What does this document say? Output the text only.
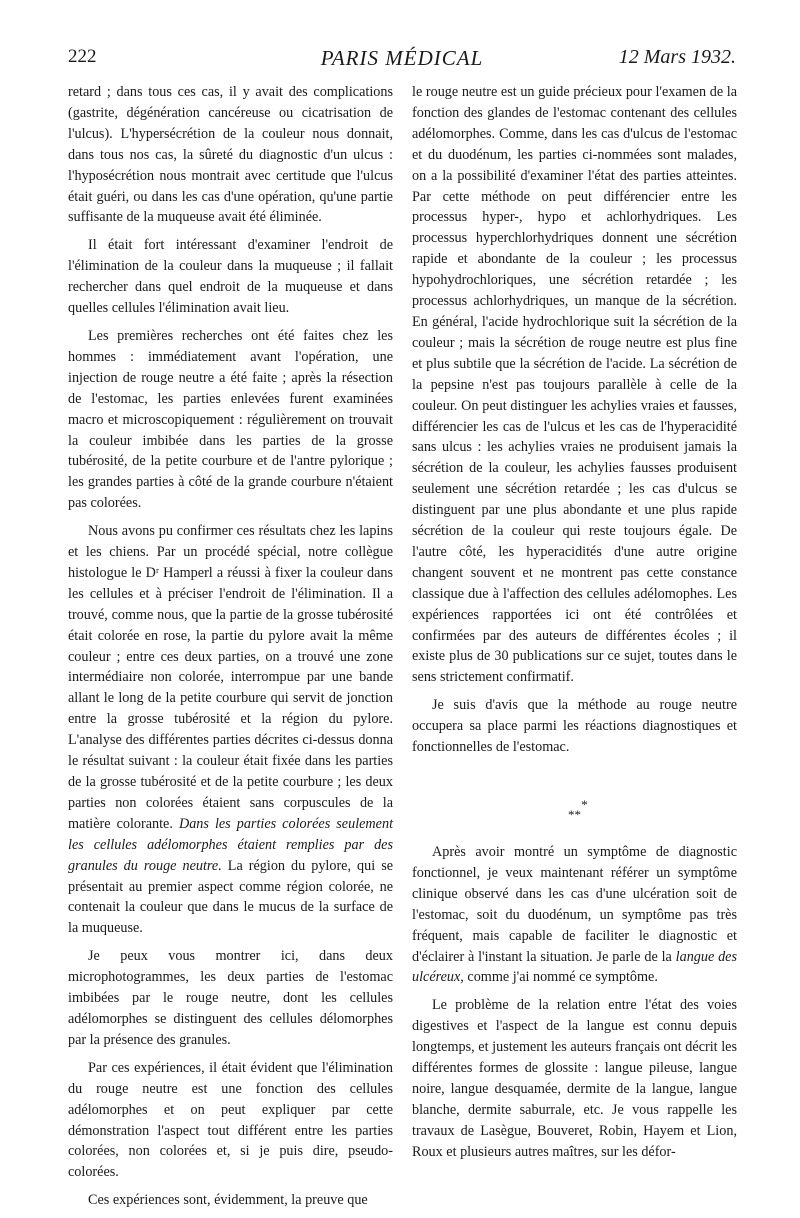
222	PARIS MÉDICAL	12 Mars 1932.

retard ; dans tous ces cas, il y avait des complications (gastrite, dégénération cancéreuse ou cicatrisation de l'ulcus). L'hypersécrétion de la couleur nous donnait, dans tous nos cas, la sûreté du diagnostic d'un ulcus : l'hyposécrétion nous montrait avec certitude que l'ulcus était guéri, ou dans les cas d'une opération, qu'une partie suffisante de la muqueuse avait été éliminée.

Il était fort intéressant d'examiner l'endroit de l'élimination de la couleur dans la muqueuse ; il fallait rechercher dans quel endroit de la muqueuse et dans quelles cellules l'élimination avait lieu.

Les premières recherches ont été faites chez les hommes : immédiatement avant l'opération, une injection de rouge neutre a été faite ; après la résection de l'estomac, les parties enlevées furent examinées macro et microscopiquement : régulièrement on trouvait la couleur imbibée dans les parties de la grosse tubérosité, de la petite courbure et de l'antre pylorique ; les grandes parties à côté de la grande courbure n'étaient pas colorées.

Nous avons pu confirmer ces résultats chez les lapins et les chiens. Par un procédé spécial, notre collègue histologue le Dʳ Hamperl a réussi à fixer la couleur dans les cellules et à préciser l'endroit de l'élimination. Il a trouvé, comme nous, que la partie de la grosse tubérosité était colorée en rose, la partie du pylore avait la même couleur ; entre ces deux parties, on a trouvé une zone intermédiaire non colorée, interrompue par une bande allant le long de la petite courbure qui servit de jonction entre la grosse tubérosité et la région du pylore. L'analyse des différentes parties décrites ci-dessus donna le résultat suivant : la couleur était fixée dans les parties de la grosse tubérosité et de la petite courbure ; les deux parties non colorées étaient sans corpuscules de la matière colorante. Dans les parties colorées seulement les cellules adélomorphes étaient remplies par des granules du rouge neutre. La région du pylore, qui se présentait au premier aspect comme région colorée, ne contenait la couleur que dans le mucus de la surface de la muqueuse.

Je peux vous montrer ici, dans deux microphotogrammes, les deux parties de l'estomac imbibées par le rouge neutre, dont les cellules adélomorphes se distinguent des cellules délomorphes par la présence des granules.

Par ces expériences, il était évident que l'élimination du rouge neutre est une fonction des cellules adélomorphes et on peut expliquer par cette démonstration l'aspect tout différent entre les parties colorées, non colorées et, si je puis dire, pseudo-colorées.

Ces expériences sont, évidemment, la preuve que

le rouge neutre est un guide précieux pour l'examen de la fonction des glandes de l'estomac contenant des cellules adélomorphes. Comme, dans les cas d'ulcus de l'estomac et du duodénum, les parties ci-nommées sont malades, on a la possibilité d'examiner l'état des parties atteintes. Par cette méthode on peut différencier entre les processus hyper-, hypo et achlorhydriques. Les processus hyperchlorhydriques donnent une sécrétion rapide et abondante de la couleur ; les processus hypohydrochloriques, une sécrétion retardée ; les processus achlorhydriques, un manque de la sécrétion. En général, l'acide hydrochlorique suit la sécrétion de la couleur ; mais la sécrétion de rouge neutre est plus fine et plus subtile que la sécrétion de l'acide. La sécrétion de la pepsine n'est pas toujours parallèle à celle de la couleur. On peut distinguer les achylies vraies et fausses, différencier les cas de l'ulcus et les cas de l'hyperacidité sans ulcus : les achylies vraies ne produisent jamais la sécrétion de la couleur, les achylies fausses produisent seulement une sécrétion retardée ; les cas d'ulcus se distinguent par une plus abondante et une plus rapide sécrétion de la couleur qui reste toujours égale. De l'autre côté, les hyperacidités d'une autre origine changent souvent et ne montrent pas cette constance classique due à l'affection des cellules adélomophes. Les expériences rapportées ici ont été contrôlées et confirmées par des auteurs de différentes écoles ; il existe plus de 30 publications sur ce sujet, toutes dans le sens strictement confirmatif.

Je suis d'avis que la méthode au rouge neutre occupera sa place parmi les réactions diagnostiques et fonctionnelles de l'estomac.

*
**

Après avoir montré un symptôme de diagnostic fonctionnel, je veux maintenant référer un symptôme clinique observé dans les cas d'une ulcération soit de l'estomac, soit du duodénum, un symptôme pas très fréquent, mais capable de faciliter le diagnostic et d'éclairer à l'instant la situation. Je parle de la langue des ulcéreux, comme j'ai nommé ce symptôme.

Le problème de la relation entre l'état des voies digestives et l'aspect de la langue est connu depuis longtemps, et justement les auteurs français ont décrit les différentes formes de glossite : langue pileuse, langue noire, langue desquamée, dermite de la langue, langue blanche, dermite saburrale, etc. Je vous rappelle les travaux de Lasègue, Bouveret, Robin, Hayem et Lion, Roux et plusieurs autres maîtres, sur les défor-
